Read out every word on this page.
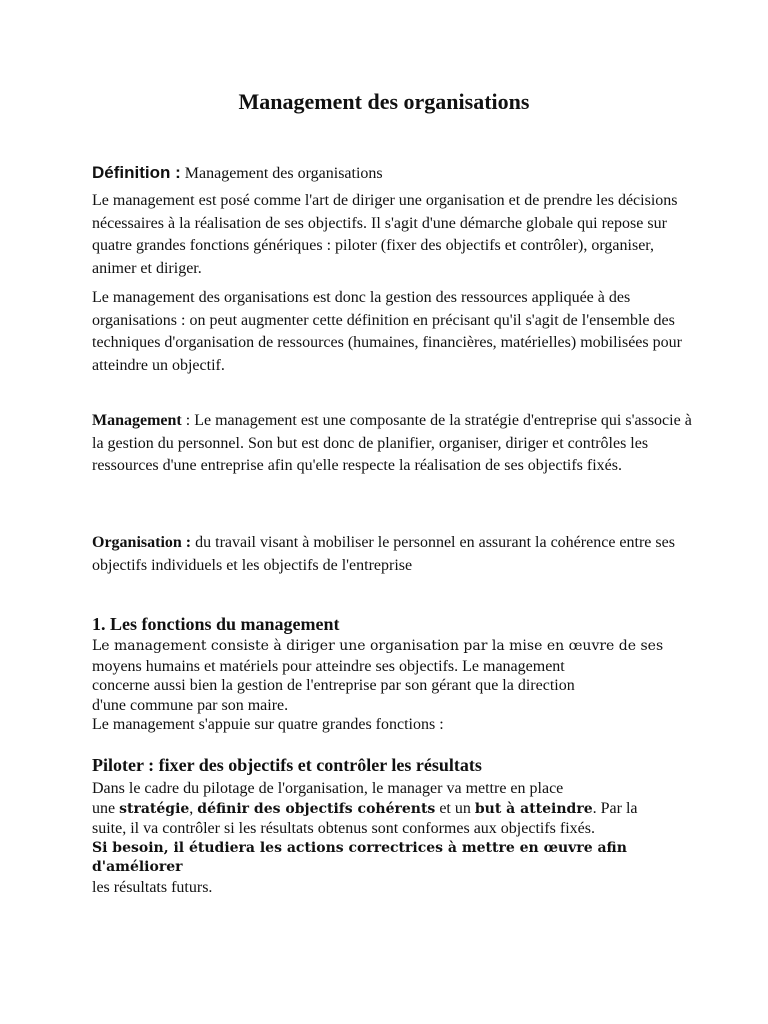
Management des organisations

Définition : Management des organisations

Le management est posé comme l'art de diriger une organisation et de prendre les décisions nécessaires à la réalisation de ses objectifs. Il s'agit d'une démarche globale qui repose sur quatre grandes fonctions génériques : piloter (fixer des objectifs et contrôler), organiser, animer et diriger.

Le management des organisations est donc la gestion des ressources appliquée à des organisations : on peut augmenter cette définition en précisant qu'il s'agit de l'ensemble des techniques d'organisation de ressources (humaines, financières, matérielles) mobilisées pour atteindre un objectif.

Management : Le management est une composante de la stratégie d'entreprise qui s'associe à la gestion du personnel. Son but est donc de planifier, organiser, diriger et contrôles les ressources d'une entreprise afin qu'elle respecte la réalisation de ses objectifs fixés.

Organisation : du travail visant à mobiliser le personnel en assurant la cohérence entre ses objectifs individuels et les objectifs de l'entreprise

1. Les fonctions du management
Le management consiste à diriger une organisation par la mise en œuvre de ses
moyens humains et matériels pour atteindre ses objectifs. Le management
concerne aussi bien la gestion de l'entreprise par son gérant que la direction
d'une commune par son maire.
Le management s'appuie sur quatre grandes fonctions :
Piloter : fixer des objectifs et contrôler les résultats
Dans le cadre du pilotage de l'organisation, le manager va mettre en place
une stratégie, définir des objectifs cohérents et un but à atteindre. Par la
suite, il va contrôler si les résultats obtenus sont conformes aux objectifs fixés.
Si besoin, il étudiera les actions correctrices à mettre en œuvre afin d'améliorer
les résultats futurs.
